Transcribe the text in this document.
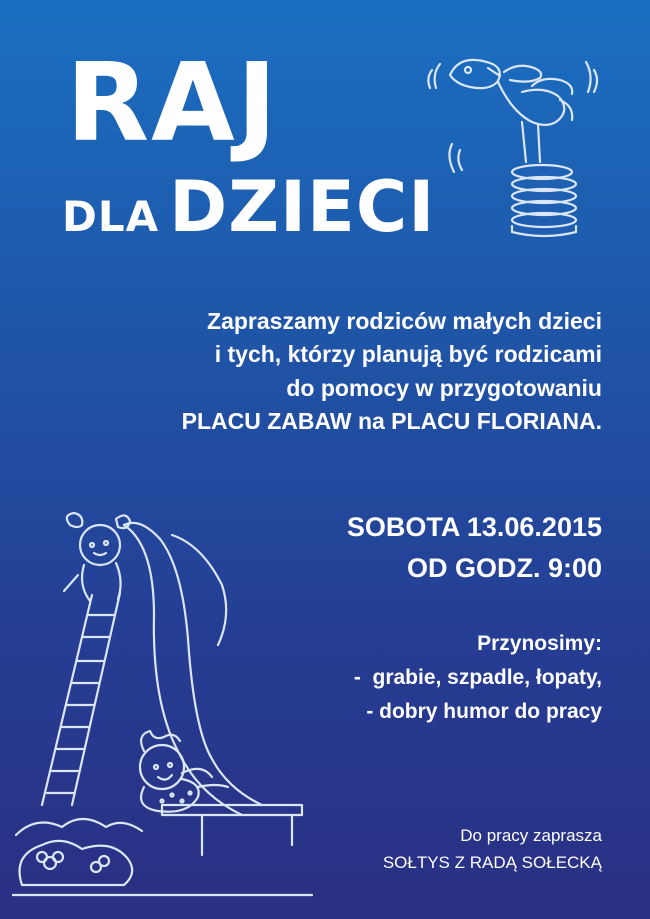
RAJ
DLA DZIECI
Zapraszamy rodziców małych dzieci
i tych, którzy planują być rodzicami
do pomocy w przygotowaniu
PLACU ZABAW na PLACU FLORIANA.
SOBOTA 13.06.2015
OD GODZ. 9:00
Przynosimy:
-  grabie, szpadle, łopaty,
- dobry humor do pracy
Do pracy zaprasza
SOŁTYS Z RADĄ SOŁECKĄ
